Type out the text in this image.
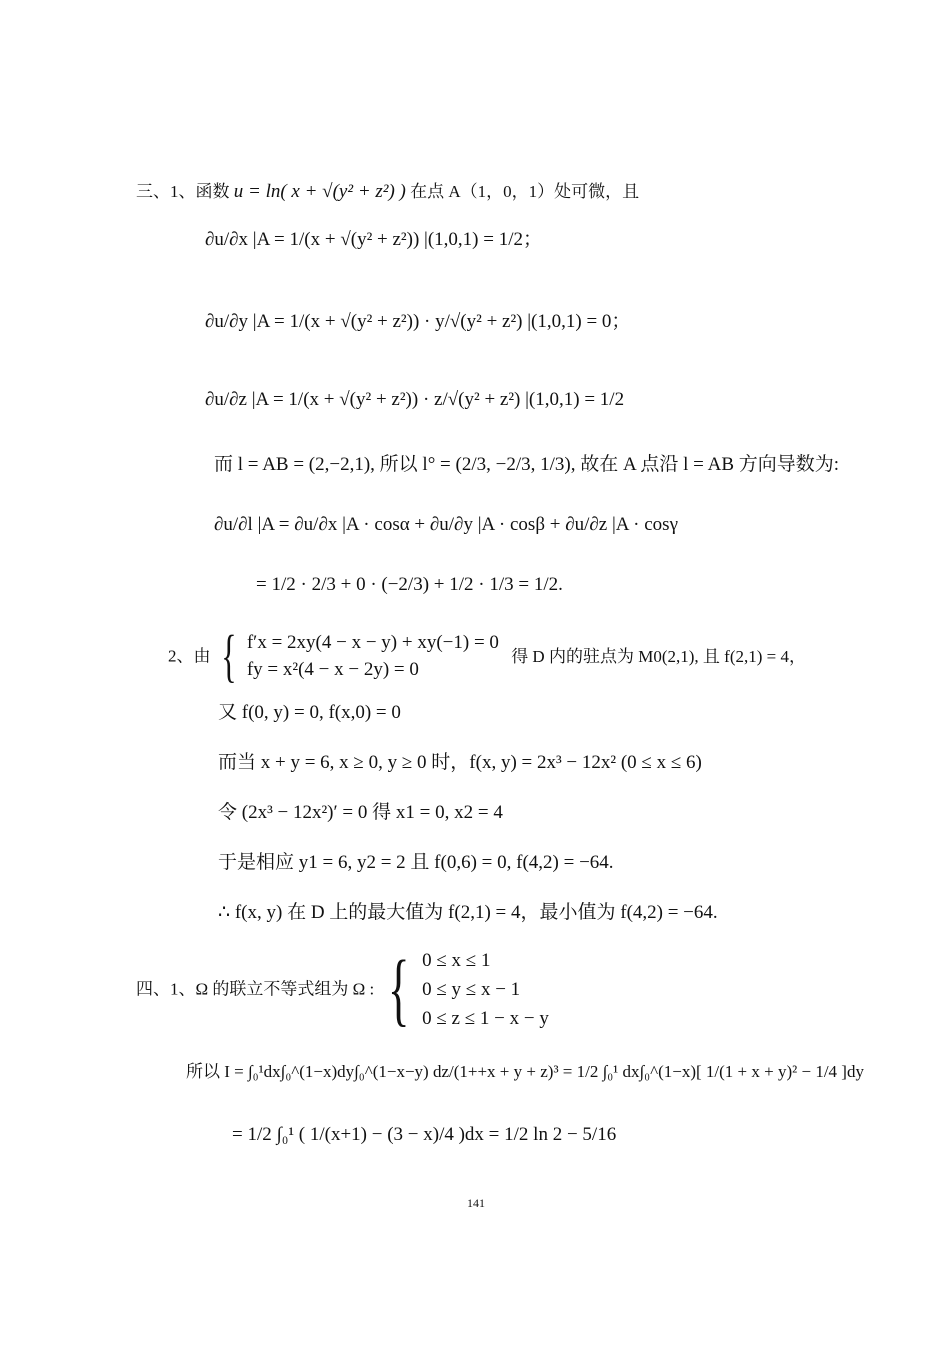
三、1、函数 u = ln( x + √(y² + z²) ) 在点 A（1，0，1）处可微，且
∂u/∂x |A = 1/(x + √(y² + z²)) |(1,0,1) = 1/2；
∂u/∂y |A = 1/(x + √(y² + z²)) · y/√(y² + z²) |(1,0,1) = 0；
∂u/∂z |A = 1/(x + √(y² + z²)) · z/√(y² + z²) |(1,0,1) = 1/2
而 l = AB = (2,−2,1), 所以 l° = (2/3, −2/3, 1/3), 故在 A 点沿 l = AB 方向导数为:
∂u/∂l |A = ∂u/∂x |A · cosα + ∂u/∂y |A · cosβ + ∂u/∂z |A · cosγ
= 1/2 · 2/3 + 0 · (−2/3) + 1/2 · 1/3 = 1/2.
2、由 { f′x = 2xy(4 − x − y) + xy(−1) = 0
fy = x²(4 − x − 2y) = 0
得 D 内的驻点为 M0(2,1), 且 f(2,1) = 4，
又 f(0, y) = 0, f(x,0) = 0
而当 x + y = 6, x ≥ 0, y ≥ 0 时，f(x, y) = 2x³ − 12x² (0 ≤ x ≤ 6)
令 (2x³ − 12x²)′ = 0 得 x1 = 0, x2 = 4
于是相应 y1 = 6, y2 = 2 且 f(0,6) = 0, f(4,2) = −64.
∴ f(x, y) 在 D 上的最大值为 f(2,1) = 4，最小值为 f(4,2) = −64.
四、1、Ω 的联立不等式组为 Ω : { 0 ≤ x ≤ 1
0 ≤ y ≤ x − 1
0 ≤ z ≤ 1 − x − y
所以 I = ∫₀¹dx∫₀^(1−x)dy∫₀^(1−x−y) dz/(1++x + y + z)³ = 1/2 ∫₀¹ dx∫₀^(1−x)[ 1/(1 + x + y)² − 1/4 ]dy
= 1/2 ∫₀¹ ( 1/(x+1) − (3 − x)/4 )dx = 1/2 ln 2 − 5/16
141
